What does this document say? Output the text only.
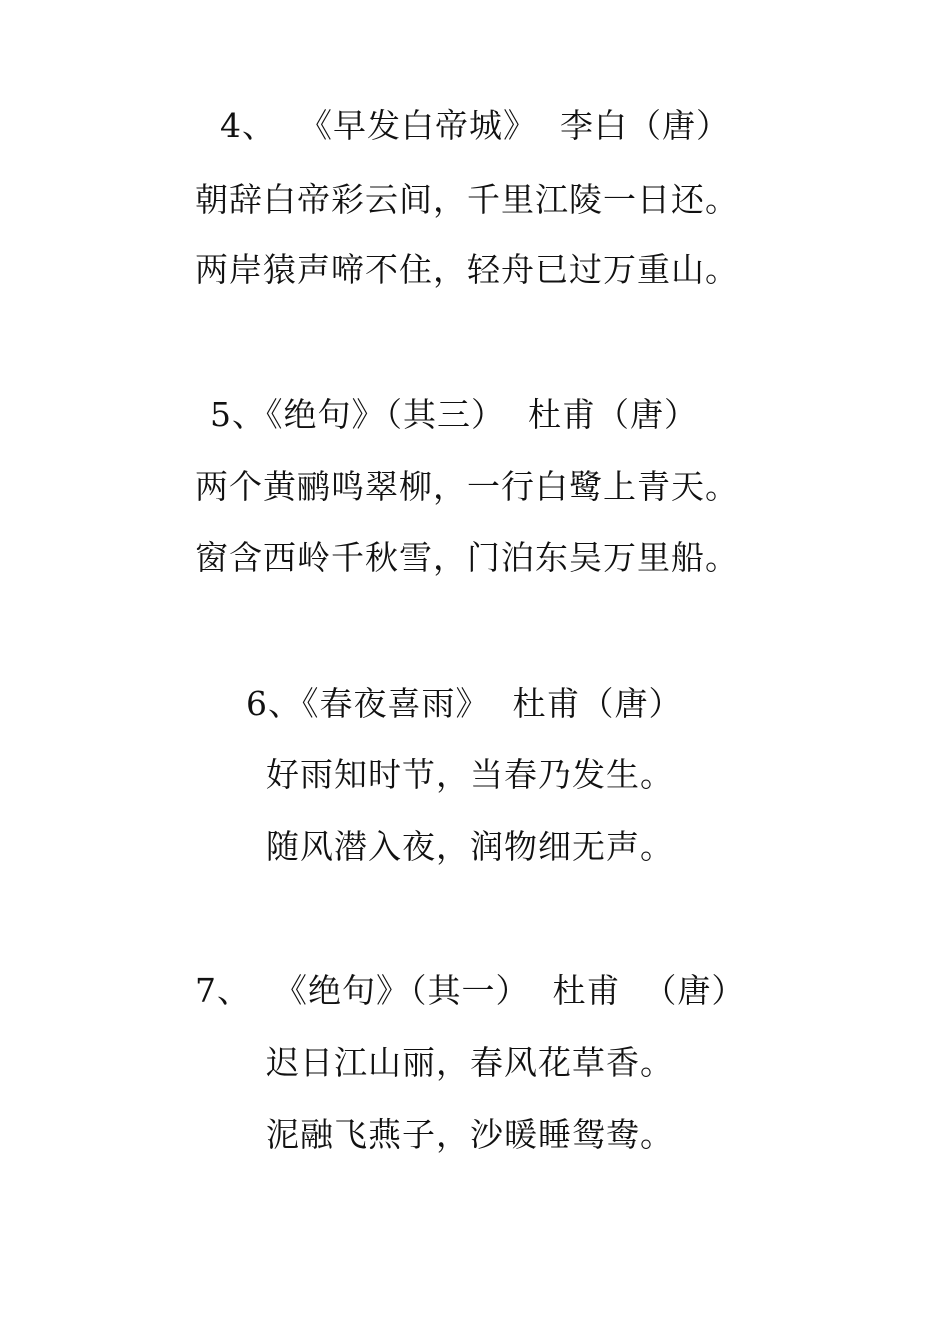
4、  《早发白帝城》  李白（唐）
朝辞白帝彩云间，千里江陵一日还。
两岸猿声啼不住，轻舟已过万重山。
5、《绝句》（其三）  杜甫（唐）
两个黄鹂鸣翠柳，一行白鹭上青天。
窗含西岭千秋雪，门泊东吴万里船。
6、《春夜喜雨》  杜甫（唐）
好雨知时节，当春乃发生。
随风潜入夜，润物细无声。
7、  《绝句》（其一）  杜甫  （唐）
迟日江山丽，春风花草香。
泥融飞燕子，沙暖睡鸳鸯。
